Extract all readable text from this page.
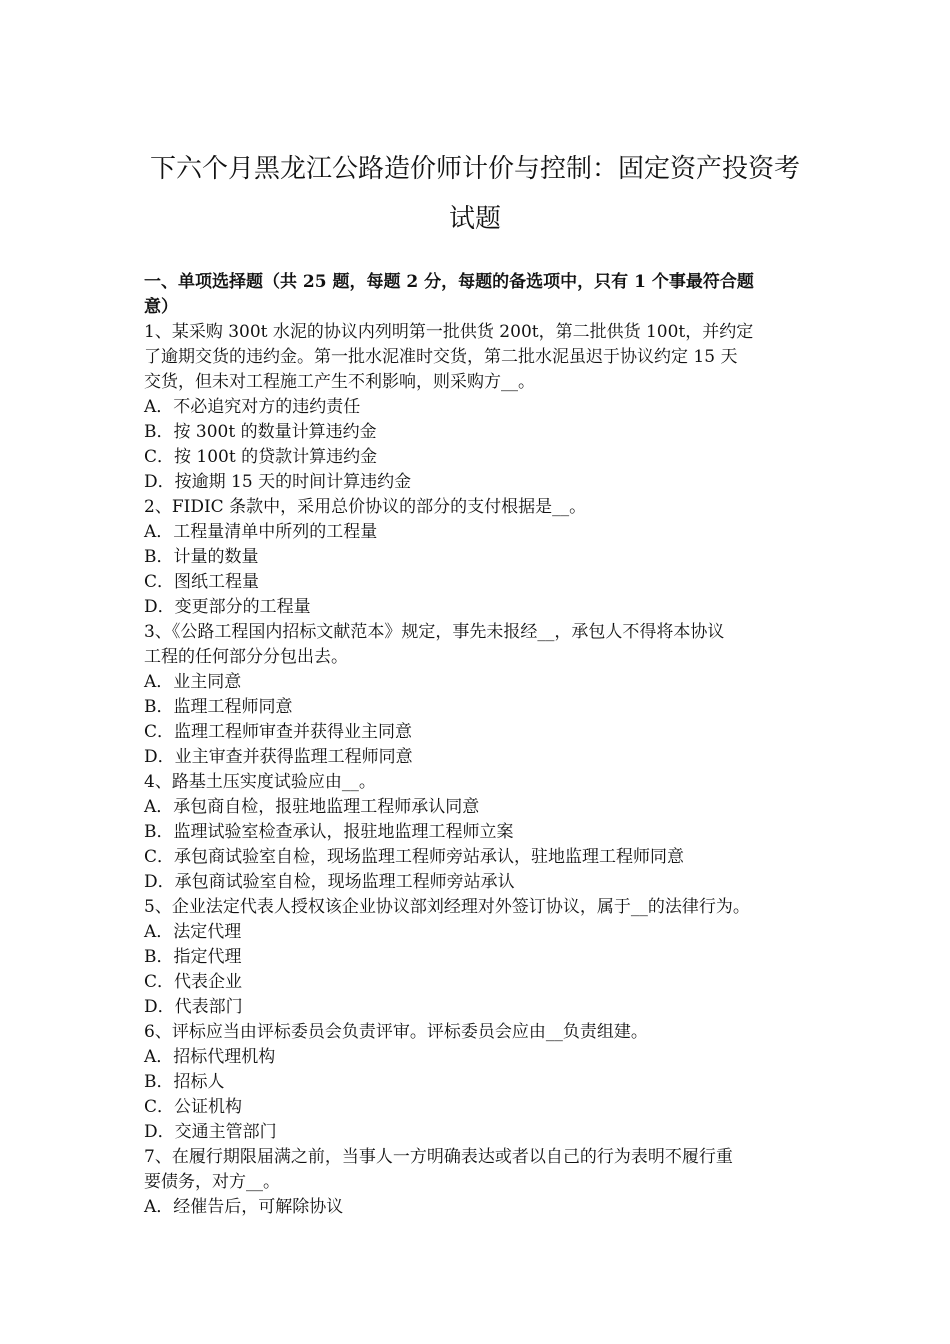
下六个月黑龙江公路造价师计价与控制：固定资产投资考
试题
一、单项选择题（共 25 题，每题 2 分，每题的备选项中，只有 1 个事最符合题
意）
1、某采购 300t 水泥的协议内列明第一批供货 200t，第二批供货 100t，并约定
了逾期交货的违约金。第一批水泥准时交货，第二批水泥虽迟于协议约定 15 天
交货，但未对工程施工产生不利影响，则采购方__。
A．不必追究对方的违约责任
B．按 300t 的数量计算违约金
C．按 100t 的贷款计算违约金
D．按逾期 15 天的时间计算违约金
2、FIDIC 条款中，采用总价协议的部分的支付根据是__。
A．工程量清单中所列的工程量
B．计量的数量
C．图纸工程量
D．变更部分的工程量
3、《公路工程国内招标文献范本》规定，事先未报经__，承包人不得将本协议
工程的任何部分分包出去。
A．业主同意
B．监理工程师同意
C．监理工程师审查并获得业主同意
D．业主审查并获得监理工程师同意
4、路基土压实度试验应由__。
A．承包商自检，报驻地监理工程师承认同意
B．监理试验室检查承认，报驻地监理工程师立案
C．承包商试验室自检，现场监理工程师旁站承认，驻地监理工程师同意
D．承包商试验室自检，现场监理工程师旁站承认
5、企业法定代表人授权该企业协议部刘经理对外签订协议，属于__的法律行为。
A．法定代理
B．指定代理
C．代表企业
D．代表部门
6、评标应当由评标委员会负责评审。评标委员会应由__负责组建。
A．招标代理机构
B．招标人
C．公证机构
D．交通主管部门
7、在履行期限届满之前，当事人一方明确表达或者以自己的行为表明不履行重
要债务，对方__。
A．经催告后，可解除协议
